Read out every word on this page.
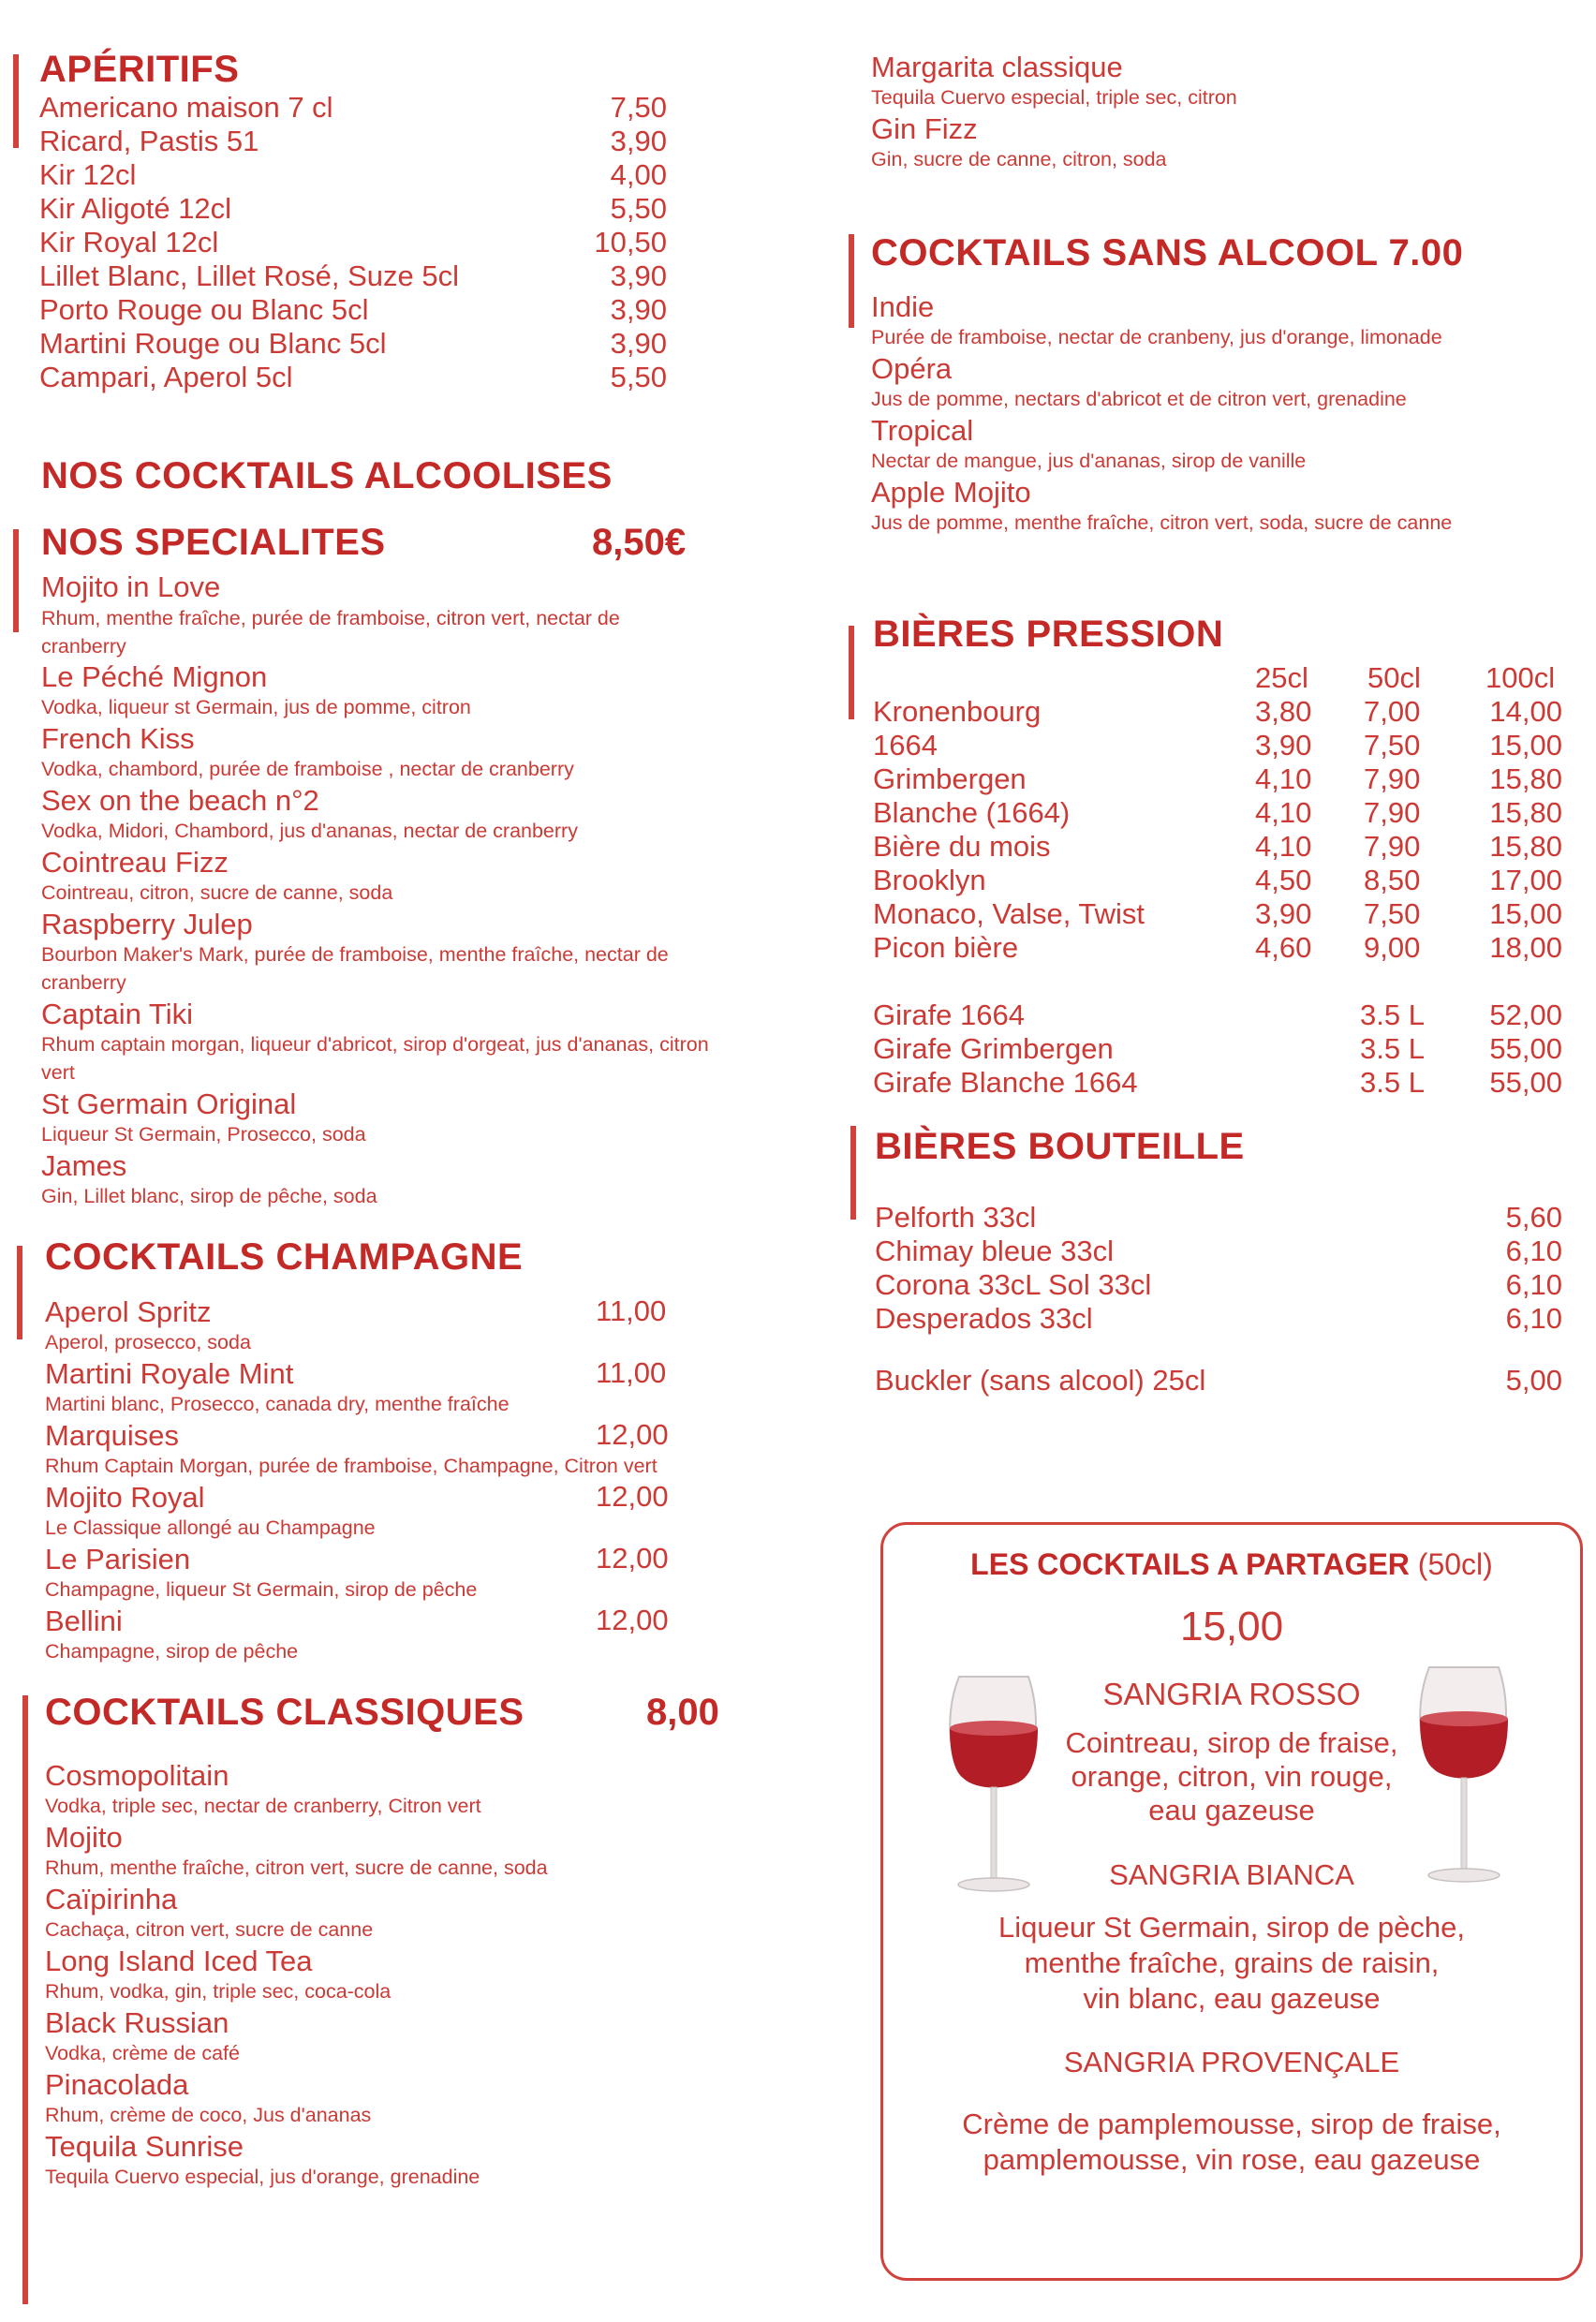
APÉRITIFS
Americano maison 7 cl	7,50
Ricard, Pastis 51	3,90
Kir 12cl	4,00
Kir Aligoté 12cl	5,50
Kir Royal 12cl	10,50
Lillet Blanc, Lillet Rosé, Suze 5cl	3,90
Porto Rouge ou Blanc 5cl	3,90
Martini Rouge ou Blanc 5cl	3,90
Campari, Aperol 5cl	5,50
NOS COCKTAILS ALCOOLISES
NOS SPECIALITES	8,50€
Mojito in Love
Rhum, menthe fraîche, purée de framboise, citron vert, nectar de cranberry
Le Péché Mignon
Vodka, liqueur st Germain, jus de pomme, citron
French Kiss
Vodka, chambord, purée de framboise , nectar de cranberry
Sex on the beach n°2
Vodka, Midori, Chambord, jus d'ananas, nectar de cranberry
Cointreau Fizz
Cointreau, citron, sucre de canne, soda
Raspberry Julep
Bourbon Maker's Mark, purée de framboise, menthe fraîche, nectar de cranberry
Captain Tiki
Rhum captain morgan, liqueur d'abricot, sirop d'orgeat, jus d'ananas, citron vert
St Germain Original
Liqueur St Germain, Prosecco, soda
James
Gin, Lillet blanc, sirop de pêche, soda
COCKTAILS CHAMPAGNE
Aperol Spritz	11,00
Aperol, prosecco, soda
Martini Royale Mint	11,00
Martini blanc, Prosecco, canada dry, menthe fraîche
Marquises	12,00
Rhum Captain Morgan, purée de framboise, Champagne, Citron vert
Mojito Royal	12,00
Le Classique allongé au Champagne
Le Parisien	12,00
Champagne, liqueur St Germain, sirop de pêche
Bellini	12,00
Champagne, sirop de pêche
COCKTAILS CLASSIQUES	8,00
Cosmopolitain
Vodka, triple sec, nectar de cranberry, Citron vert
Mojito
Rhum, menthe fraîche, citron vert, sucre de canne, soda
Caïpirinha
Cachaça, citron vert, sucre de canne
Long Island Iced Tea
Rhum, vodka, gin, triple sec, coca-cola
Black Russian
Vodka, crème de café
Pinacolada
Rhum, crème de coco, Jus d'ananas
Tequila Sunrise
Tequila Cuervo especial, jus d'orange, grenadine
Margarita classique
Tequila Cuervo especial, triple sec, citron
Gin Fizz
Gin, sucre de canne, citron, soda
COCKTAILS SANS ALCOOL 7.00
Indie
Purée de framboise, nectar de cranbeny, jus d'orange, limonade
Opéra
Jus de pomme, nectars d'abricot et de citron vert, grenadine
Tropical
Nectar de mangue, jus d'ananas, sirop de vanille
Apple Mojito
Jus de pomme, menthe fraîche, citron vert, soda, sucre de canne
BIÈRES PRESSION
25cl 50cl 100cl
Kronenbourg	3,80 7,00 14,00
1664	3,90 7,50 15,00
Grimbergen	4,10 7,90 15,80
Blanche (1664)	4,10 7,90 15,80
Bière du mois	4,10 7,90 15,80
Brooklyn	4,50 8,50 17,00
Monaco, Valse, Twist	3,90 7,50 15,00
Picon bière	4,60 9,00 18,00
Girafe 1664	3.5 L 52,00
Girafe Grimbergen	3.5 L 55,00
Girafe Blanche 1664	3.5 L 55,00
BIÈRES BOUTEILLE
Pelforth 33cl	5,60
Chimay bleue 33cl	6,10
Corona 33cL Sol 33cl	6,10
Desperados 33cl	6,10
Buckler (sans alcool) 25cl	5,00
LES COCKTAILS A PARTAGER (50cl)
15,00
SANGRIA ROSSO
Cointreau, sirop de fraise,
orange, citron, vin rouge,
eau gazeuse
SANGRIA BIANCA
Liqueur St Germain, sirop de pèche,
menthe fraîche, grains de raisin,
vin blanc, eau gazeuse
SANGRIA PROVENÇALE
Crème de pamplemousse, sirop de fraise,
pamplemousse, vin rose, eau gazeuse
